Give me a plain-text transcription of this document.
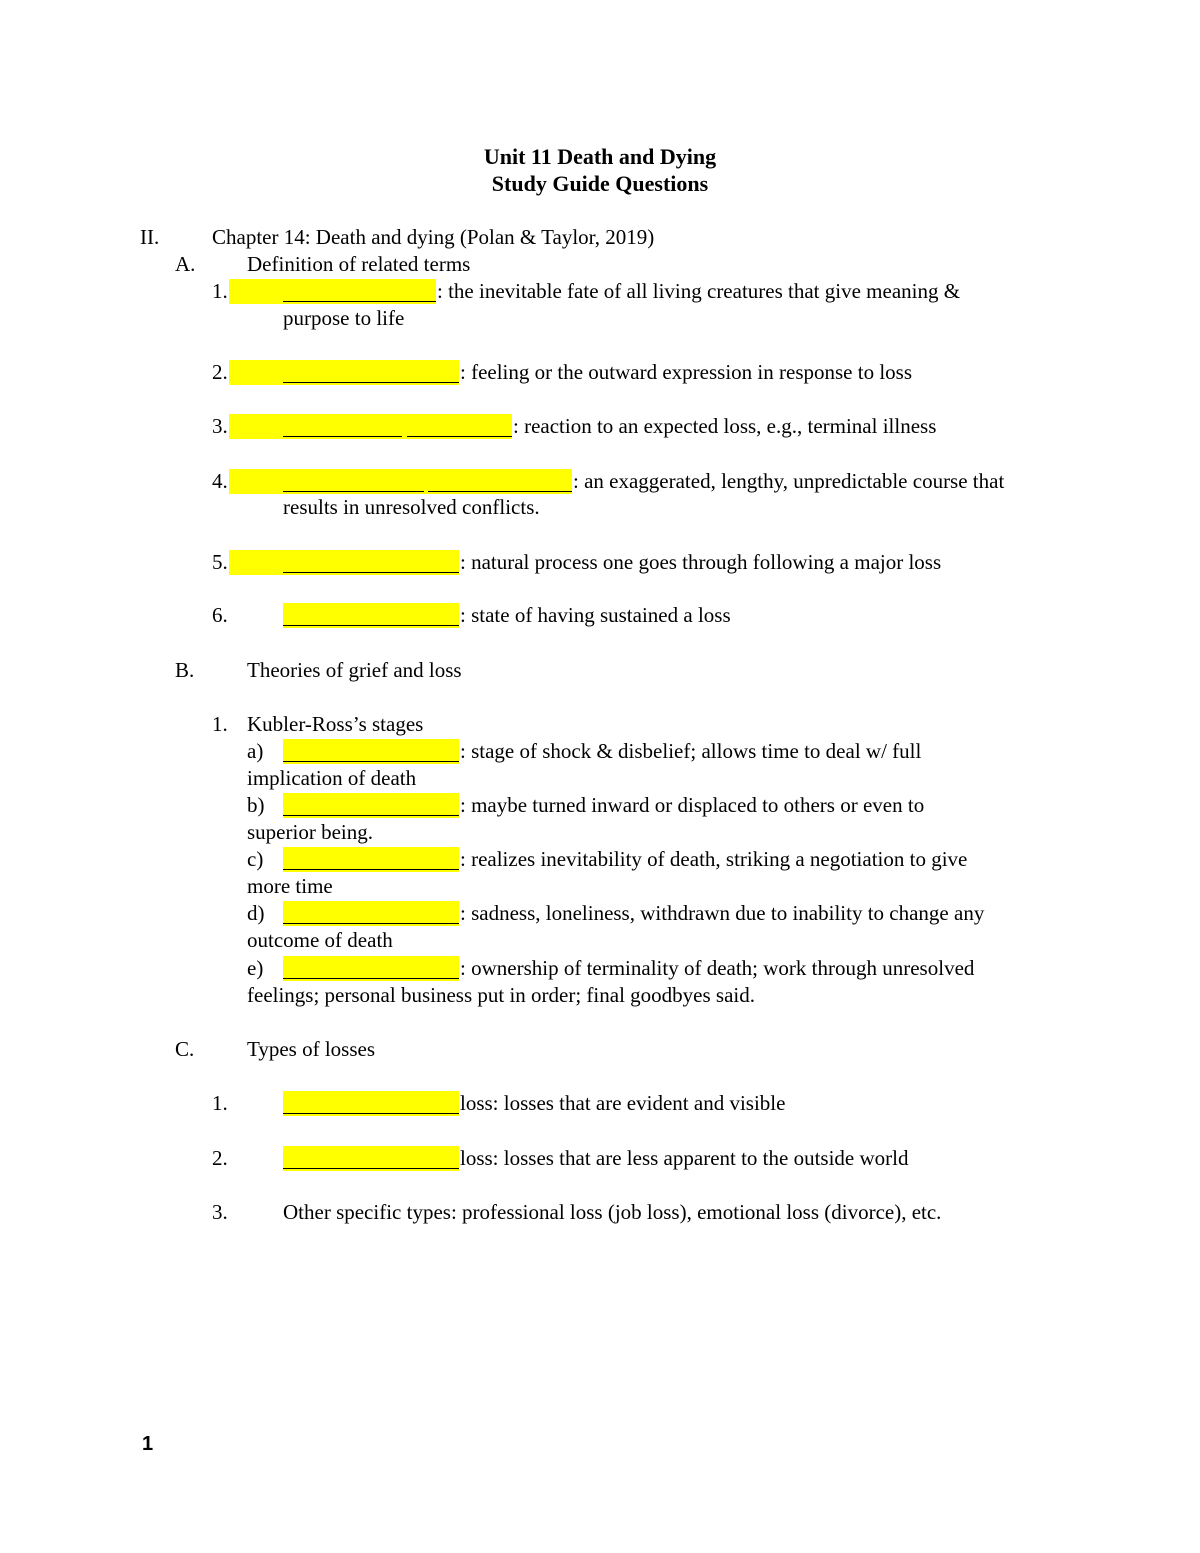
Unit 11 Death and Dying
Study Guide Questions
II.	Chapter 14: Death and dying (Polan & Taylor, 2019)
A. Definition of related terms
1.	: the inevitable fate of all living creatures that give meaning &
purpose to life
2.	: feeling or the outward expression in response to loss
3.	: reaction to an expected loss, e.g., terminal illness
4.	: an exaggerated, lengthy, unpredictable course that
results in unresolved conflicts.
5.	: natural process one goes through following a major loss
6.	: state of having sustained a loss
B.	Theories of grief and loss
1. Kubler-Ross’s stages
a)	: stage of shock & disbelief; allows time to deal w/ full
implication of death
b)	: maybe turned inward or displaced to others or even to
superior being.
c)	: realizes inevitability of death, striking a negotiation to give
more time
d)	: sadness, loneliness, withdrawn due to inability to change any
outcome of death
e)	: ownership of terminality of death; work through unresolved
feelings; personal business put in order; final goodbyes said.
C.	Types of losses
1.	loss: losses that are evident and visible
2.	loss: losses that are less apparent to the outside world
3.	Other specific types: professional loss (job loss), emotional loss (divorce), etc.
1
